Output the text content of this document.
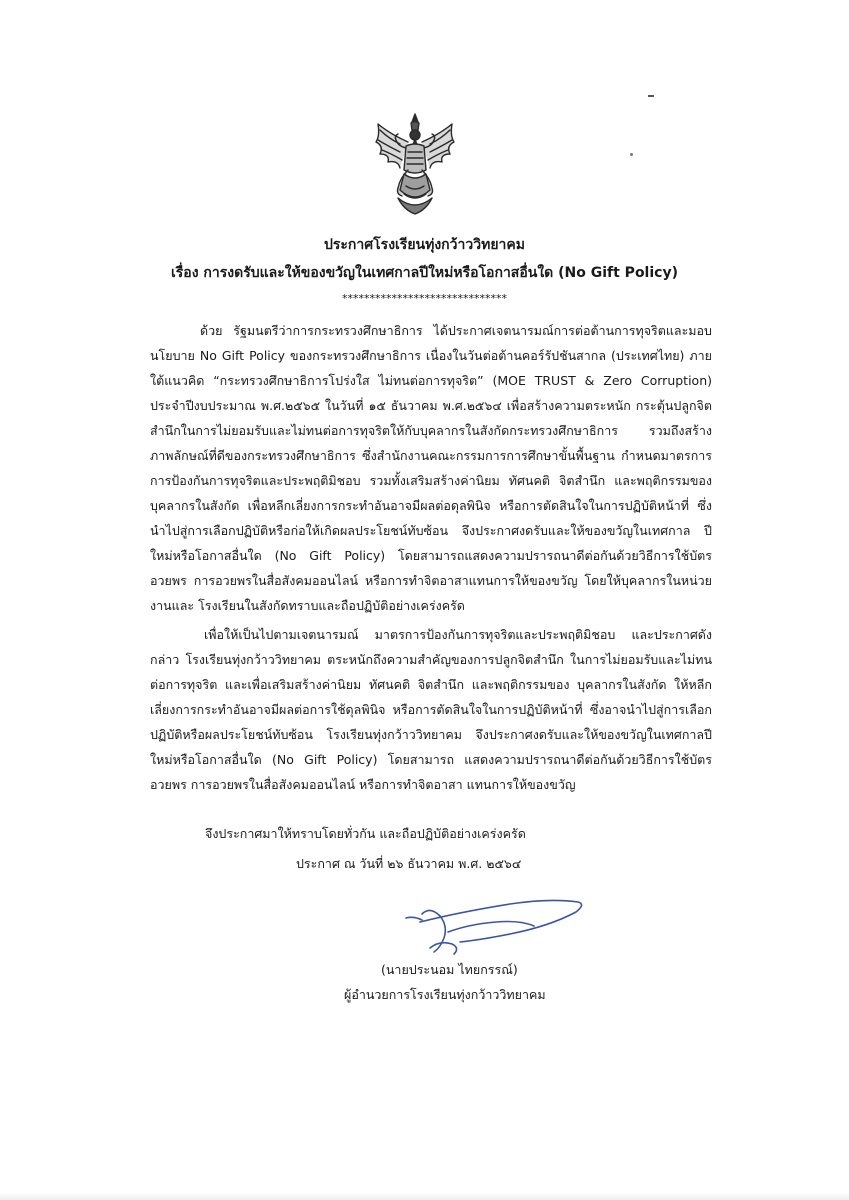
ประกาศโรงเรียนทุ่งกว้าววิทยาคม
เรื่อง การงดรับและให้ของขวัญในเทศกาลปีใหม่หรือโอกาสอื่นใด (No Gift Policy)
******************************
ด้วย รัฐมนตรีว่าการกระทรวงศึกษาธิการ ได้ประกาศเจตนารมณ์การต่อต้านการทุจริตและมอบนโยบาย No Gift Policy ของกระทรวงศึกษาธิการ เนื่องในวันต่อต้านคอร์รัปชันสากล (ประเทศไทย) ภายใต้แนวคิด “กระทรวงศึกษาธิการโปร่งใส ไม่ทนต่อการทุจริต” (MOE TRUST & Zero Corruption) ประจำปีงบประมาณ พ.ศ.๒๕๖๕ ในวันที่ ๑๕ ธันวาคม พ.ศ.๒๕๖๔ เพื่อสร้างความตระหนัก กระตุ้นปลูกจิตสำนึกในการไม่ยอมรับและไม่ทนต่อการทุจริตให้กับบุคลากรในสังกัดกระทรวงศึกษาธิการ รวมถึงสร้าง ภาพลักษณ์ที่ดีของกระทรวงศึกษาธิการ ซึ่งสำนักงานคณะกรรมการการศึกษาขั้นพื้นฐาน กำหนดมาตรการ การป้องกันการทุจริตและประพฤติมิชอบ รวมทั้งเสริมสร้างค่านิยม ทัศนคติ จิตสำนึก และพฤติกรรมของ บุคลากรในสังกัด เพื่อหลีกเลี่ยงการกระทำอันอาจมีผลต่อดุลพินิจ หรือการตัดสินใจในการปฏิบัติหน้าที่ ซึ่งนำไปสู่การเลือกปฏิบัติหรือก่อให้เกิดผลประโยชน์ทับซ้อน จึงประกาศงดรับและให้ของขวัญในเทศกาล ปีใหม่หรือโอกาสอื่นใด (No Gift Policy) โดยสามารถแสดงความปรารถนาดีต่อกันด้วยวิธีการใช้บัตรอวยพร การอวยพรในสื่อสังคมออนไลน์ หรือการทำจิตอาสาแทนการให้ของขวัญ โดยให้บุคลากรในหน่วยงานและ โรงเรียนในสังกัดทราบและถือปฏิบัติอย่างเคร่งครัด
เพื่อให้เป็นไปตามเจตนารมณ์ มาตรการป้องกันการทุจริตและประพฤติมิชอบ และประกาศดังกล่าว โรงเรียนทุ่งกว้าววิทยาคม ตระหนักถึงความสำคัญของการปลูกจิตสำนึก ในการไม่ยอมรับและไม่ทนต่อการทุจริต และเพื่อเสริมสร้างค่านิยม ทัศนคติ จิตสำนึก และพฤติกรรมของ บุคลากรในสังกัด ให้หลีกเลี่ยงการกระทำอันอาจมีผลต่อการใช้ดุลพินิจ หรือการตัดสินใจในการปฏิบัติหน้าที่ ซึ่งอาจนำไปสู่การเลือกปฏิบัติหรือผลประโยชน์ทับซ้อน โรงเรียนทุ่งกว้าววิทยาคม จึงประกาศงดรับและให้ของขวัญในเทศกาลปีใหม่หรือโอกาสอื่นใด (No Gift Policy) โดยสามารถ แสดงความปรารถนาดีต่อกันด้วยวิธีการใช้บัตรอวยพร การอวยพรในสื่อสังคมออนไลน์ หรือการทำจิตอาสา แทนการให้ของขวัญ
จึงประกาศมาให้ทราบโดยทั่วกัน และถือปฏิบัติอย่างเคร่งครัด
ประกาศ ณ วันที่ ๒๖ ธันวาคม พ.ศ. ๒๕๖๔
(นายประนอม ไทยกรรณ์)
ผู้อำนวยการโรงเรียนทุ่งกว้าววิทยาคม
